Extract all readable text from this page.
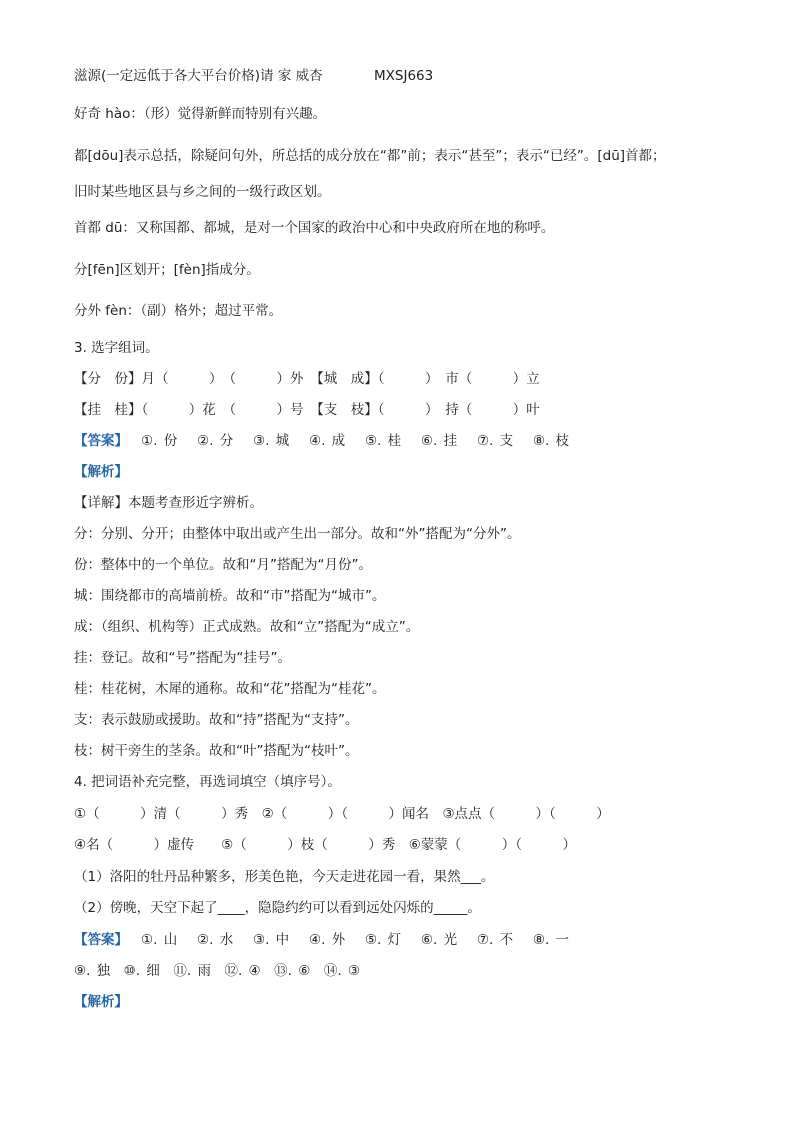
滋源(一定远低于各大平台价格)请 家 威杏	MXSJ663
好奇 hào：（形）觉得新鲜而特别有兴趣。
都[dōu]表示总括，除疑问句外，所总括的成分放在“都”前；表示“甚至”；表示“已经”。[dū]首都；
旧时某些地区县与乡之间的一级行政区划。
首都 dū：又称国都、都城，是对一个国家的政治中心和中央政府所在地的称呼。
分[fēn]区划开；[fèn]指成分。
分外 fèn：（副）格外；超过平常。
3. 选字组词。
【分　份】月（　　　）　（　　　）外　【城　成】（　　　）　市（　　　）立
【挂　桂】（　　　）花　（　　　）号　【支　枝】（　　　）　持（　　　）叶
【答案】　 ①. 份　 ②. 分　 ③. 城　 ④. 成　 ⑤. 桂　 ⑥. 挂　 ⑦. 支　 ⑧. 枝
【解析】
【详解】本题考查形近字辨析。
分：分别、分开；由整体中取出或产生出一部分。故和“外”搭配为“分外”。
份：整体中的一个单位。故和“月”搭配为“月份”。
城：围绕都市的高墙前桥。故和“市”搭配为“城市”。
成：（组织、机构等）正式成熟。故和“立”搭配为“成立”。
挂：登记。故和“号”搭配为“挂号”。
桂：桂花树，木犀的通称。故和“花”搭配为“桂花”。
支：表示鼓励或援助。故和“持”搭配为“支持”。
枝：树干旁生的茎条。故和“叶”搭配为“枝叶”。
4. 把词语补充完整，再选词填空（填序号）。
①（　　　）清（　　　）秀　②（　　　）（　　　）闻名　③点点（　　　）（　　　）
④名（　　　）虚传　　⑤（　　　）枝（　　　）秀　⑥蒙蒙（　　　）（　　　）
（1）洛阳的牡丹品种繁多，形美色艳，今天走进花园一看，果然___。
（2）傍晚，天空下起了____，隐隐约约可以看到远处闪烁的_____。
【答案】　 ①. 山　 ②. 水　 ③. 中　 ④. 外　 ⑤. 灯　 ⑥. 光　 ⑦. 不　 ⑧. 一
⑨. 独　⑩. 细　⑪. 雨　⑫. ④　⑬. ⑥　⑭. ③
【解析】
